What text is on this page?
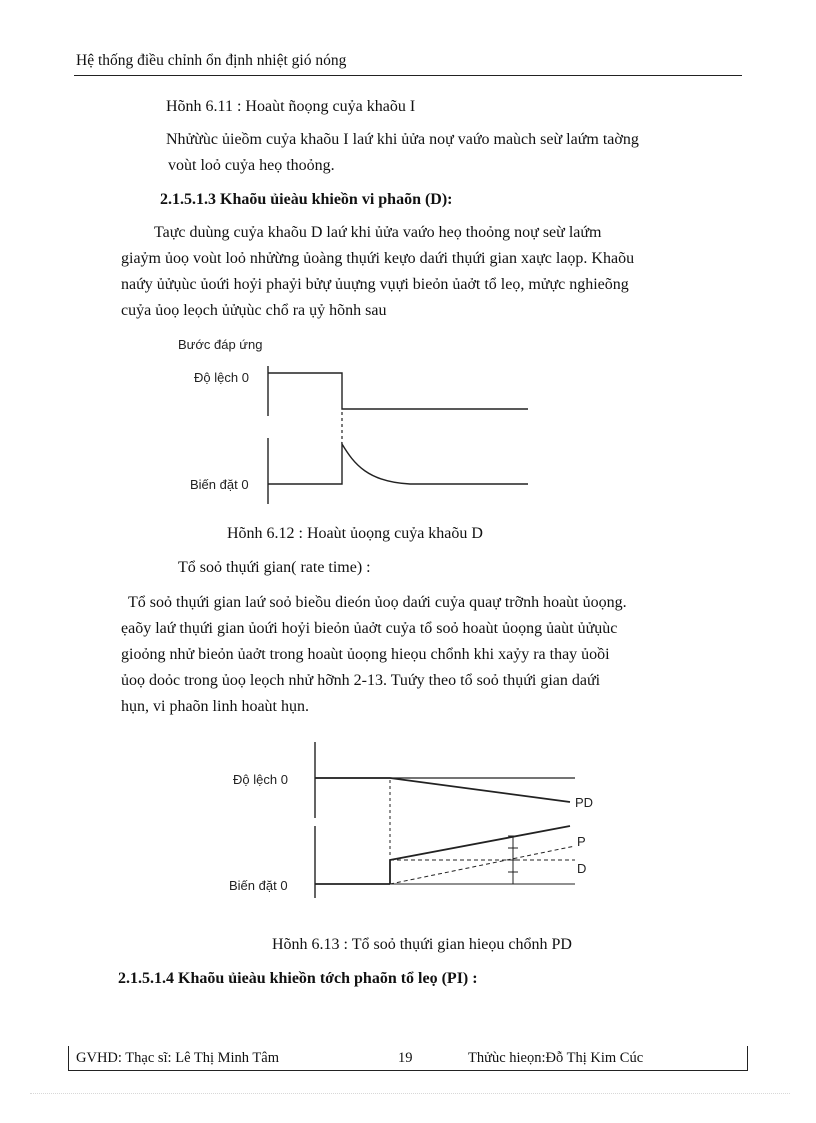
Hệ thống điều chỉnh ổn định nhiệt gió nóng
Hõnh 6.11 : Hoaùt ñoọng cuỷa khaõu I
Nhửừùc ủieồm cuỷa khaõu I laứ khi ủửa noự vaứo maùch seừ laứm taờng
voùt loỏ cuỷa heọ thoỏng.
2.1.5.1.3 Khaõu ủieàu khieồn vi phaõn (D):
Taực duùng cuỷa khaõu D laứ khi ủửa vaứo heọ thoỏng noự seừ laứm
giaỷm ủoọ voùt loỏ nhửừng ủoàng thụứi keựo daứi thụứi gian xaực laọp. Khaõu
naứy ủửụùc ủoứi hoỷi phaỷi bửự ủuựng vụựi bieỏn ủaởt tổ leọ, mửực nghieõng
cuỷa ủoọ leọch ủửụùc chổ ra ụỷ hõnh sau
Bước đáp ứng
Độ lệch 0
Biến đặt 0
Hõnh 6.12 : Hoaùt ủoọng cuỷa khaõu D
Tổ soỏ thụứi gian( rate time) :
Tổ soỏ thụứi gian laứ soỏ bieồu dieón ủoọ daứi cuỷa quaự trỡnh hoaùt ủoọng.
ẹaõy laứ thụứi gian ủoứi hoỷi bieỏn ủaởt cuỷa tổ soỏ hoaùt ủoọng ủaùt ủửụùc
gioỏng nhử bieỏn ủaởt trong hoaùt ủoọng hieọu chổnh khi xaỷy ra thay ủoồi
ủoọ doỏc trong ủoọ leọch nhử hỡnh 2-13. Tuứy theo tổ soỏ thụứi gian daứi
hụn, vi phaõn linh hoaùt hụn.
Độ lệch 0
Biến đặt 0
PD
P
D
Hõnh 6.13 : Tổ soỏ thụứi gian hieọu chổnh PD
2.1.5.1.4 Khaõu ủieàu khieồn tớch phaõn tổ leọ (PI) :
GVHD: Thạc sĩ: Lê Thị Minh Tâm	19	Thửùc hieọn:Đỗ Thị Kim Cúc
